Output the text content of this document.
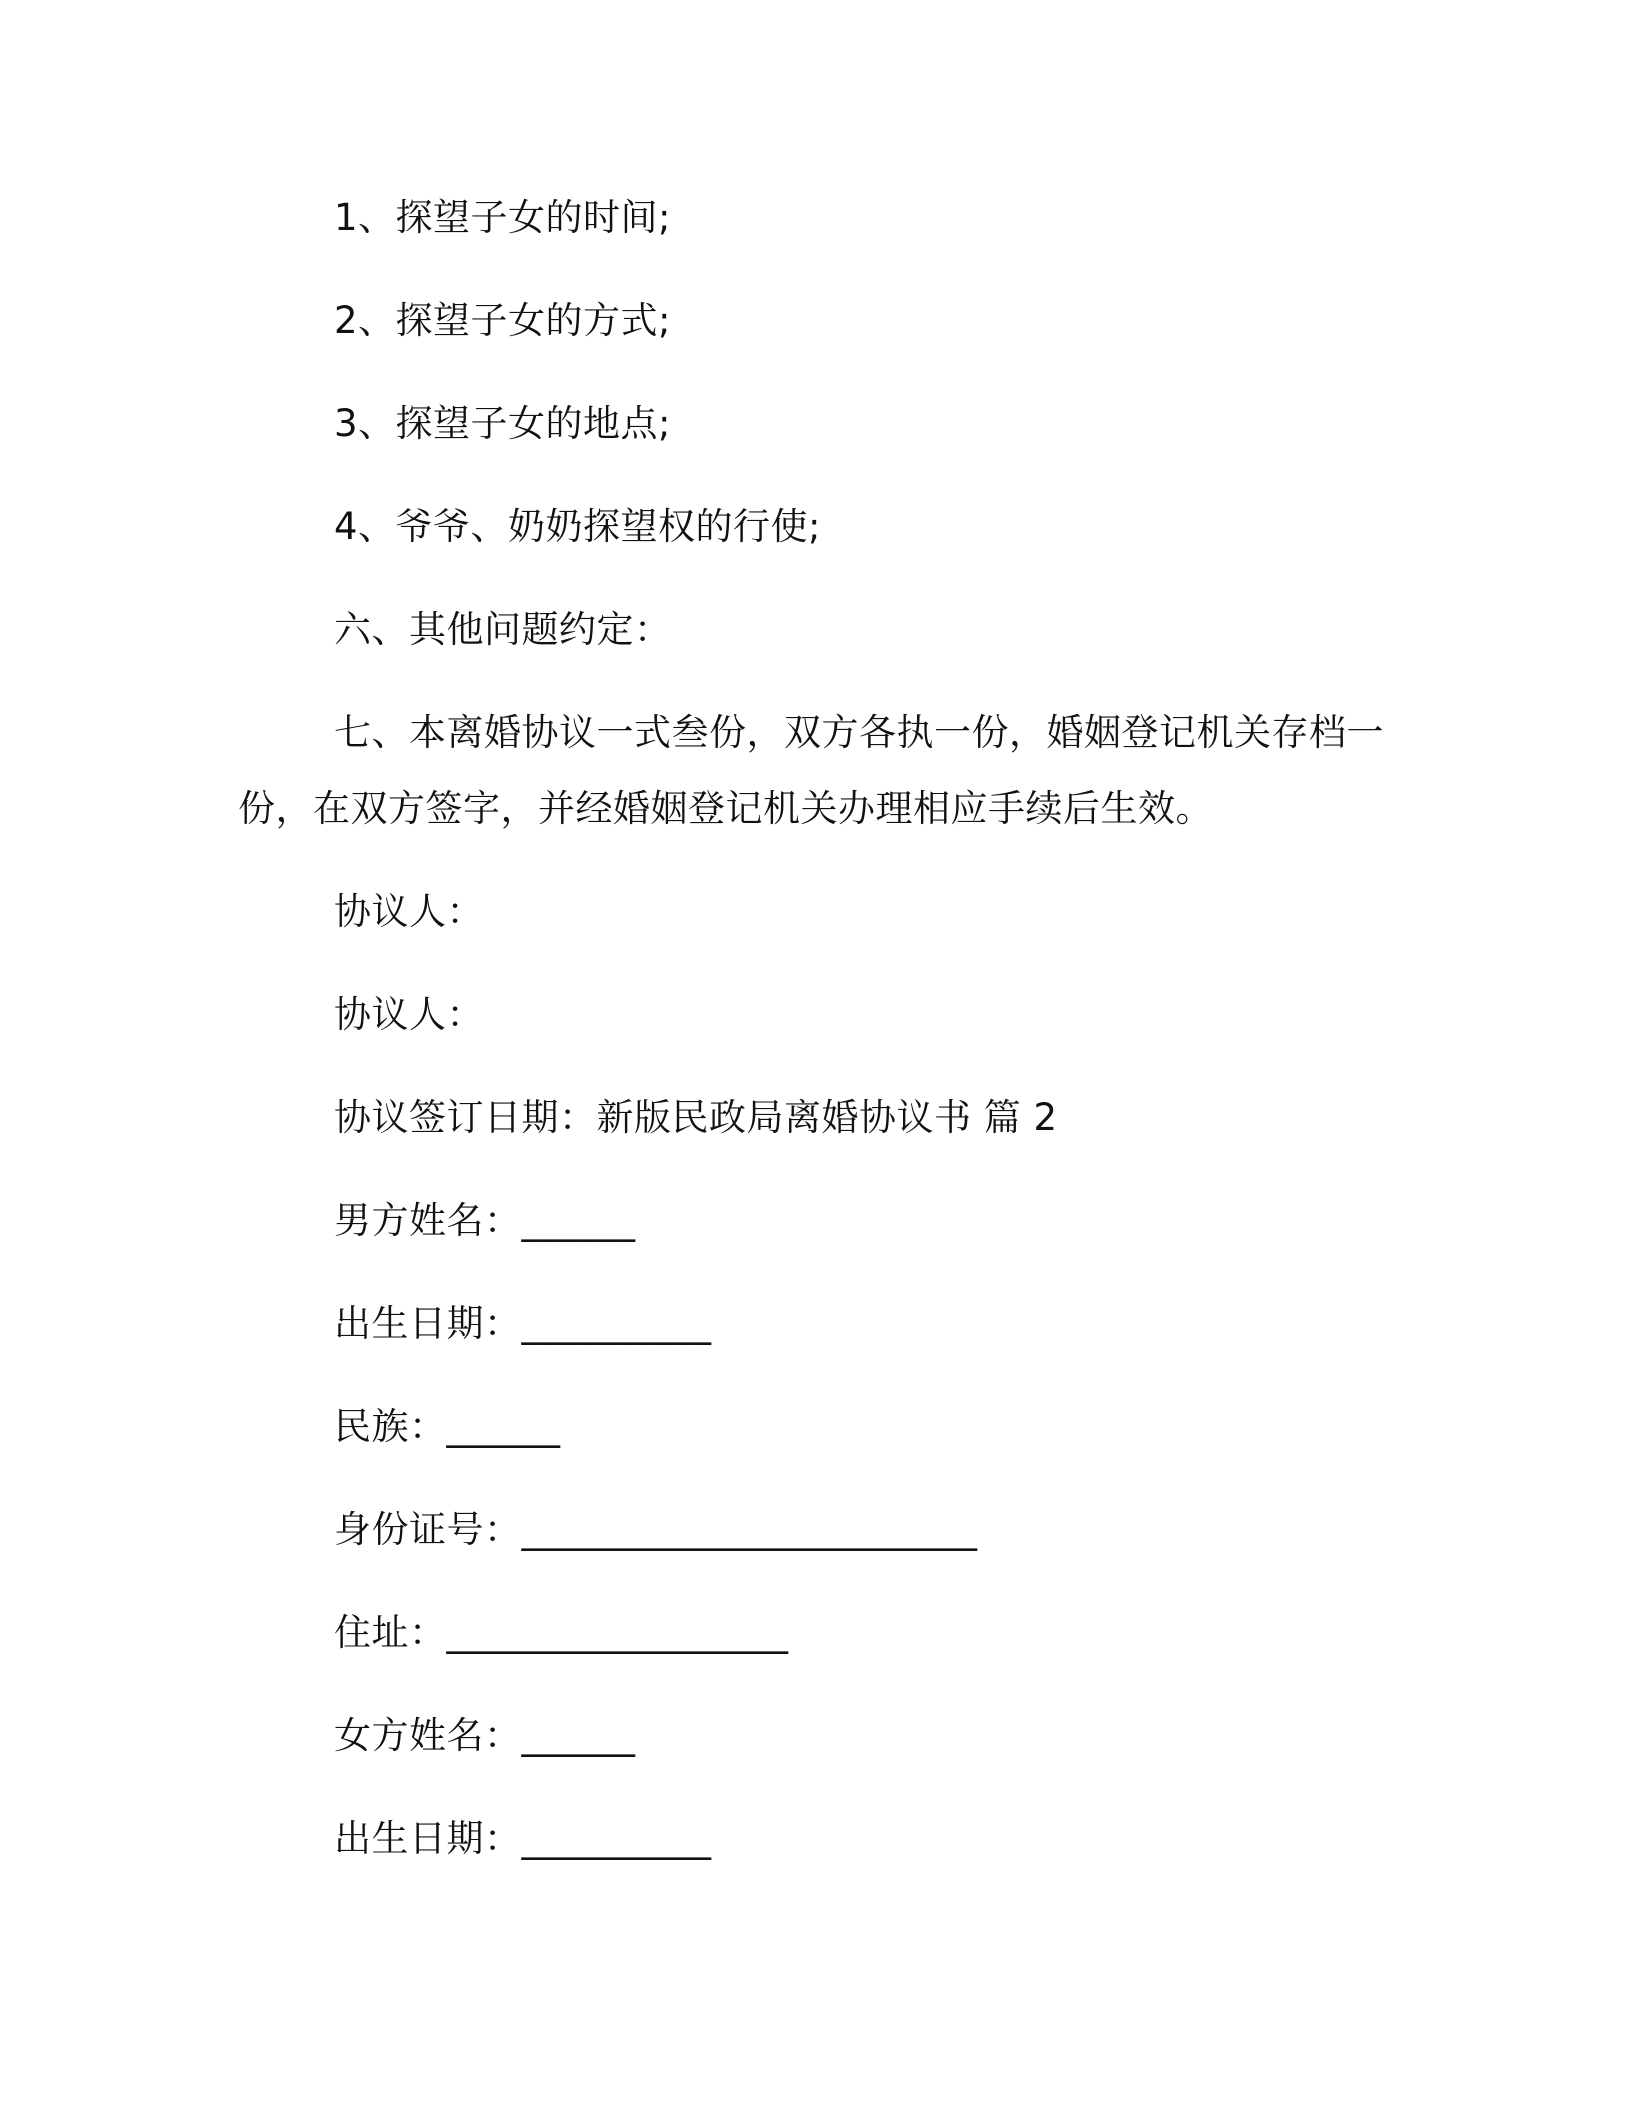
1、探望子女的时间;
2、探望子女的方式;
3、探望子女的地点;
4、爷爷、奶奶探望权的行使;
六、其他问题约定：
七、本离婚协议一式叁份，双方各执一份，婚姻登记机关存档一
份，在双方签字，并经婚姻登记机关办理相应手续后生效。
协议人：
协议人：
协议签订日期：新版民政局离婚协议书 篇 2
男方姓名：______
出生日期：__________
民族：______
身份证号：________________________
住址：__________________
女方姓名：______
出生日期：__________
